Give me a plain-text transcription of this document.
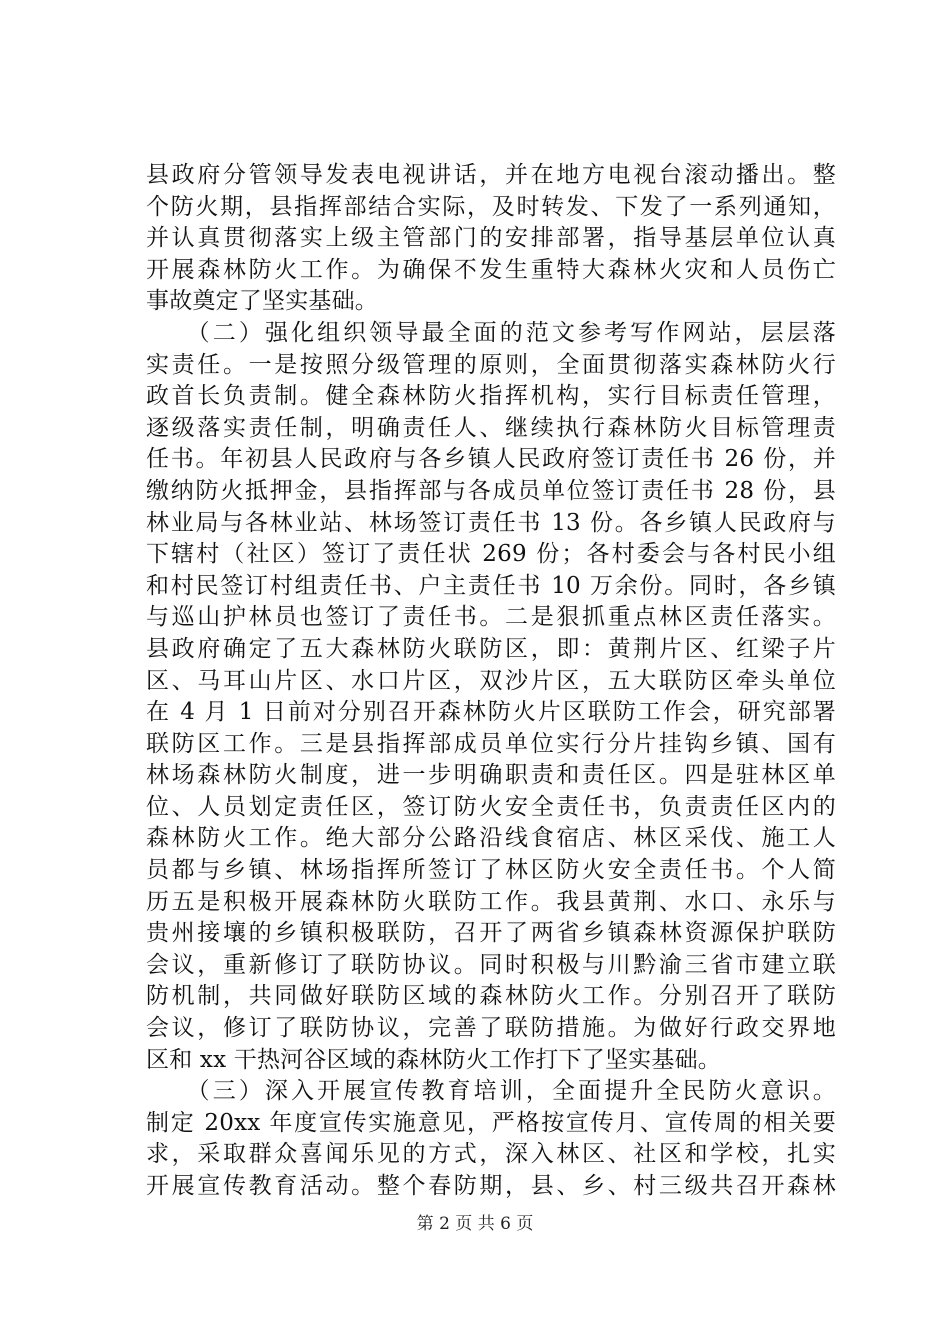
县政府分管领导发表电视讲话，并在地方电视台滚动播出。整
个防火期，县指挥部结合实际，及时转发、下发了一系列通知，
并认真贯彻落实上级主管部门的安排部署，指导基层单位认真
开展森林防火工作。为确保不发生重特大森林火灾和人员伤亡
事故奠定了坚实基础。
　　（二）强化组织领导最全面的范文参考写作网站，层层落
实责任。一是按照分级管理的原则，全面贯彻落实森林防火行
政首长负责制。健全森林防火指挥机构，实行目标责任管理，
逐级落实责任制，明确责任人、继续执行森林防火目标管理责
任书。年初县人民政府与各乡镇人民政府签订责任书 26 份，并
缴纳防火抵押金，县指挥部与各成员单位签订责任书 28 份，县
林业局与各林业站、林场签订责任书 13 份。各乡镇人民政府与
下辖村（社区）签订了责任状 269 份；各村委会与各村民小组
和村民签订村组责任书、户主责任书 10 万余份。同时，各乡镇
与巡山护林员也签订了责任书。二是狠抓重点林区责任落实。
县政府确定了五大森林防火联防区，即：黄荆片区、红梁子片
区、马耳山片区、水口片区，双沙片区，五大联防区牵头单位
在 4 月 1 日前对分别召开森林防火片区联防工作会，研究部署
联防区工作。三是县指挥部成员单位实行分片挂钩乡镇、国有
林场森林防火制度，进一步明确职责和责任区。四是驻林区单
位、人员划定责任区，签订防火安全责任书，负责责任区内的
森林防火工作。绝大部分公路沿线食宿店、林区采伐、施工人
员都与乡镇、林场指挥所签订了林区防火安全责任书。个人简
历五是积极开展森林防火联防工作。我县黄荆、水口、永乐与
贵州接壤的乡镇积极联防，召开了两省乡镇森林资源保护联防
会议，重新修订了联防协议。同时积极与川黔渝三省市建立联
防机制，共同做好联防区域的森林防火工作。分别召开了联防
会议，修订了联防协议，完善了联防措施。为做好行政交界地
区和 xx 干热河谷区域的森林防火工作打下了坚实基础。
　　（三）深入开展宣传教育培训，全面提升全民防火意识。
制定 20xx 年度宣传实施意见，严格按宣传月、宣传周的相关要
求，采取群众喜闻乐见的方式，深入林区、社区和学校，扎实
开展宣传教育活动。整个春防期，县、乡、村三级共召开森林
第 2 页 共 6 页
